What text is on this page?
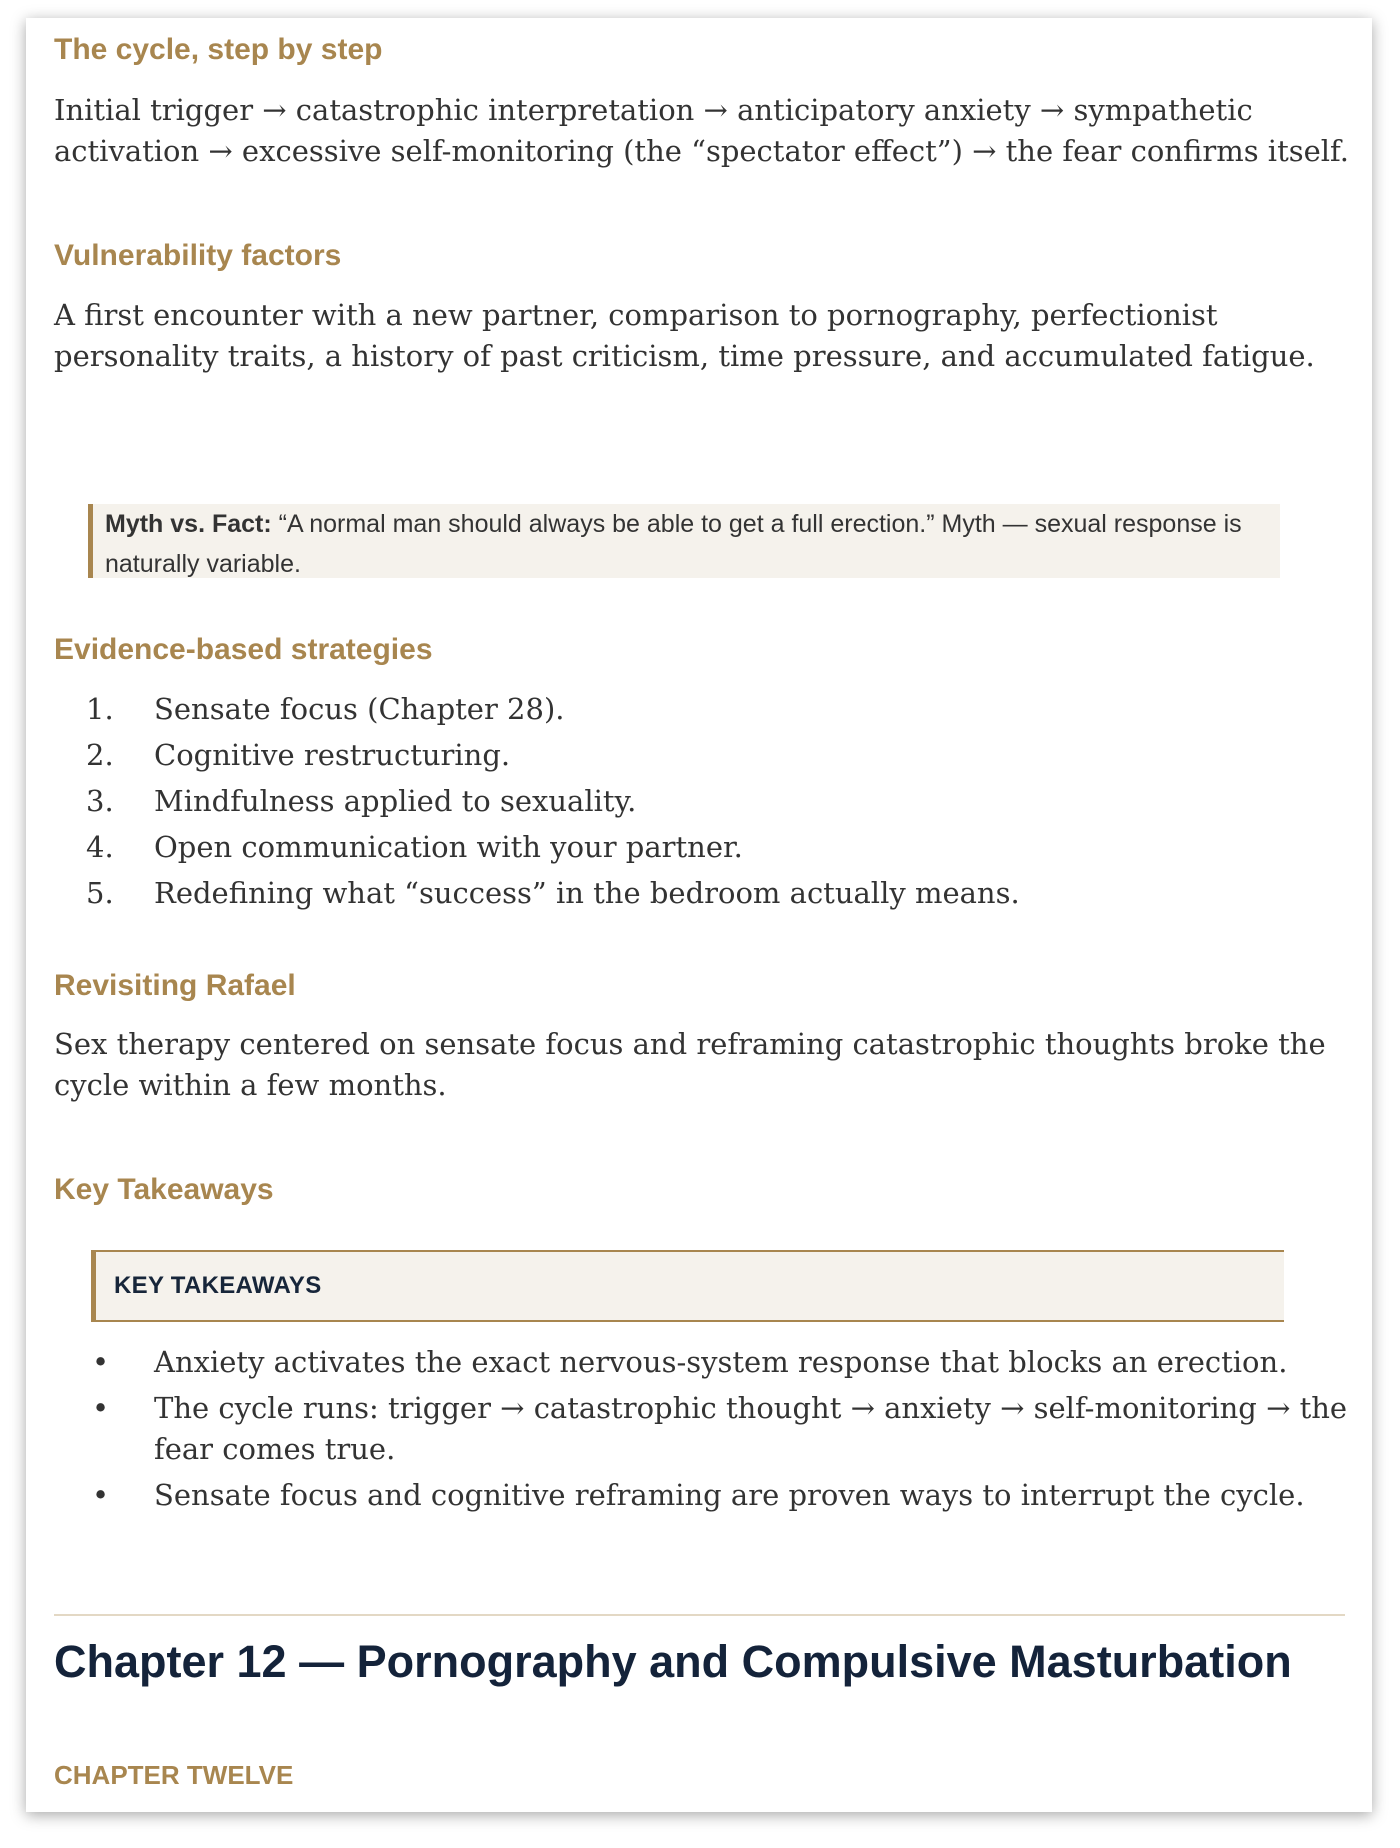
The cycle, step by step

Initial trigger → catastrophic interpretation → anticipatory anxiety → sympathetic activation → excessive self-monitoring (the “spectator effect”) → the fear confirms itself.

Vulnerability factors

A first encounter with a new partner, comparison to pornography, perfectionist personality traits, a history of past criticism, time pressure, and accumulated fatigue.

Myth vs. Fact: “A normal man should always be able to get a full erection.” Myth — sexual response is naturally variable.
Evidence-based strategies
1. Sensate focus (Chapter 28).
2. Cognitive restructuring.
3. Mindfulness applied to sexuality.
4. Open communication with your partner.
5. Redefining what “success” in the bedroom actually means.
Revisiting Rafael

Sex therapy centered on sensate focus and reframing catastrophic thoughts broke the cycle within a few months.

Key Takeaways
KEY TAKEAWAYS
• Anxiety activates the exact nervous-system response that blocks an erection.
• The cycle runs: trigger → catastrophic thought → anxiety → self-monitoring → the fear comes true.
• Sensate focus and cognitive reframing are proven ways to interrupt the cycle.
Chapter 12 — Pornography and Compulsive Masturbation
CHAPTER TWELVE
